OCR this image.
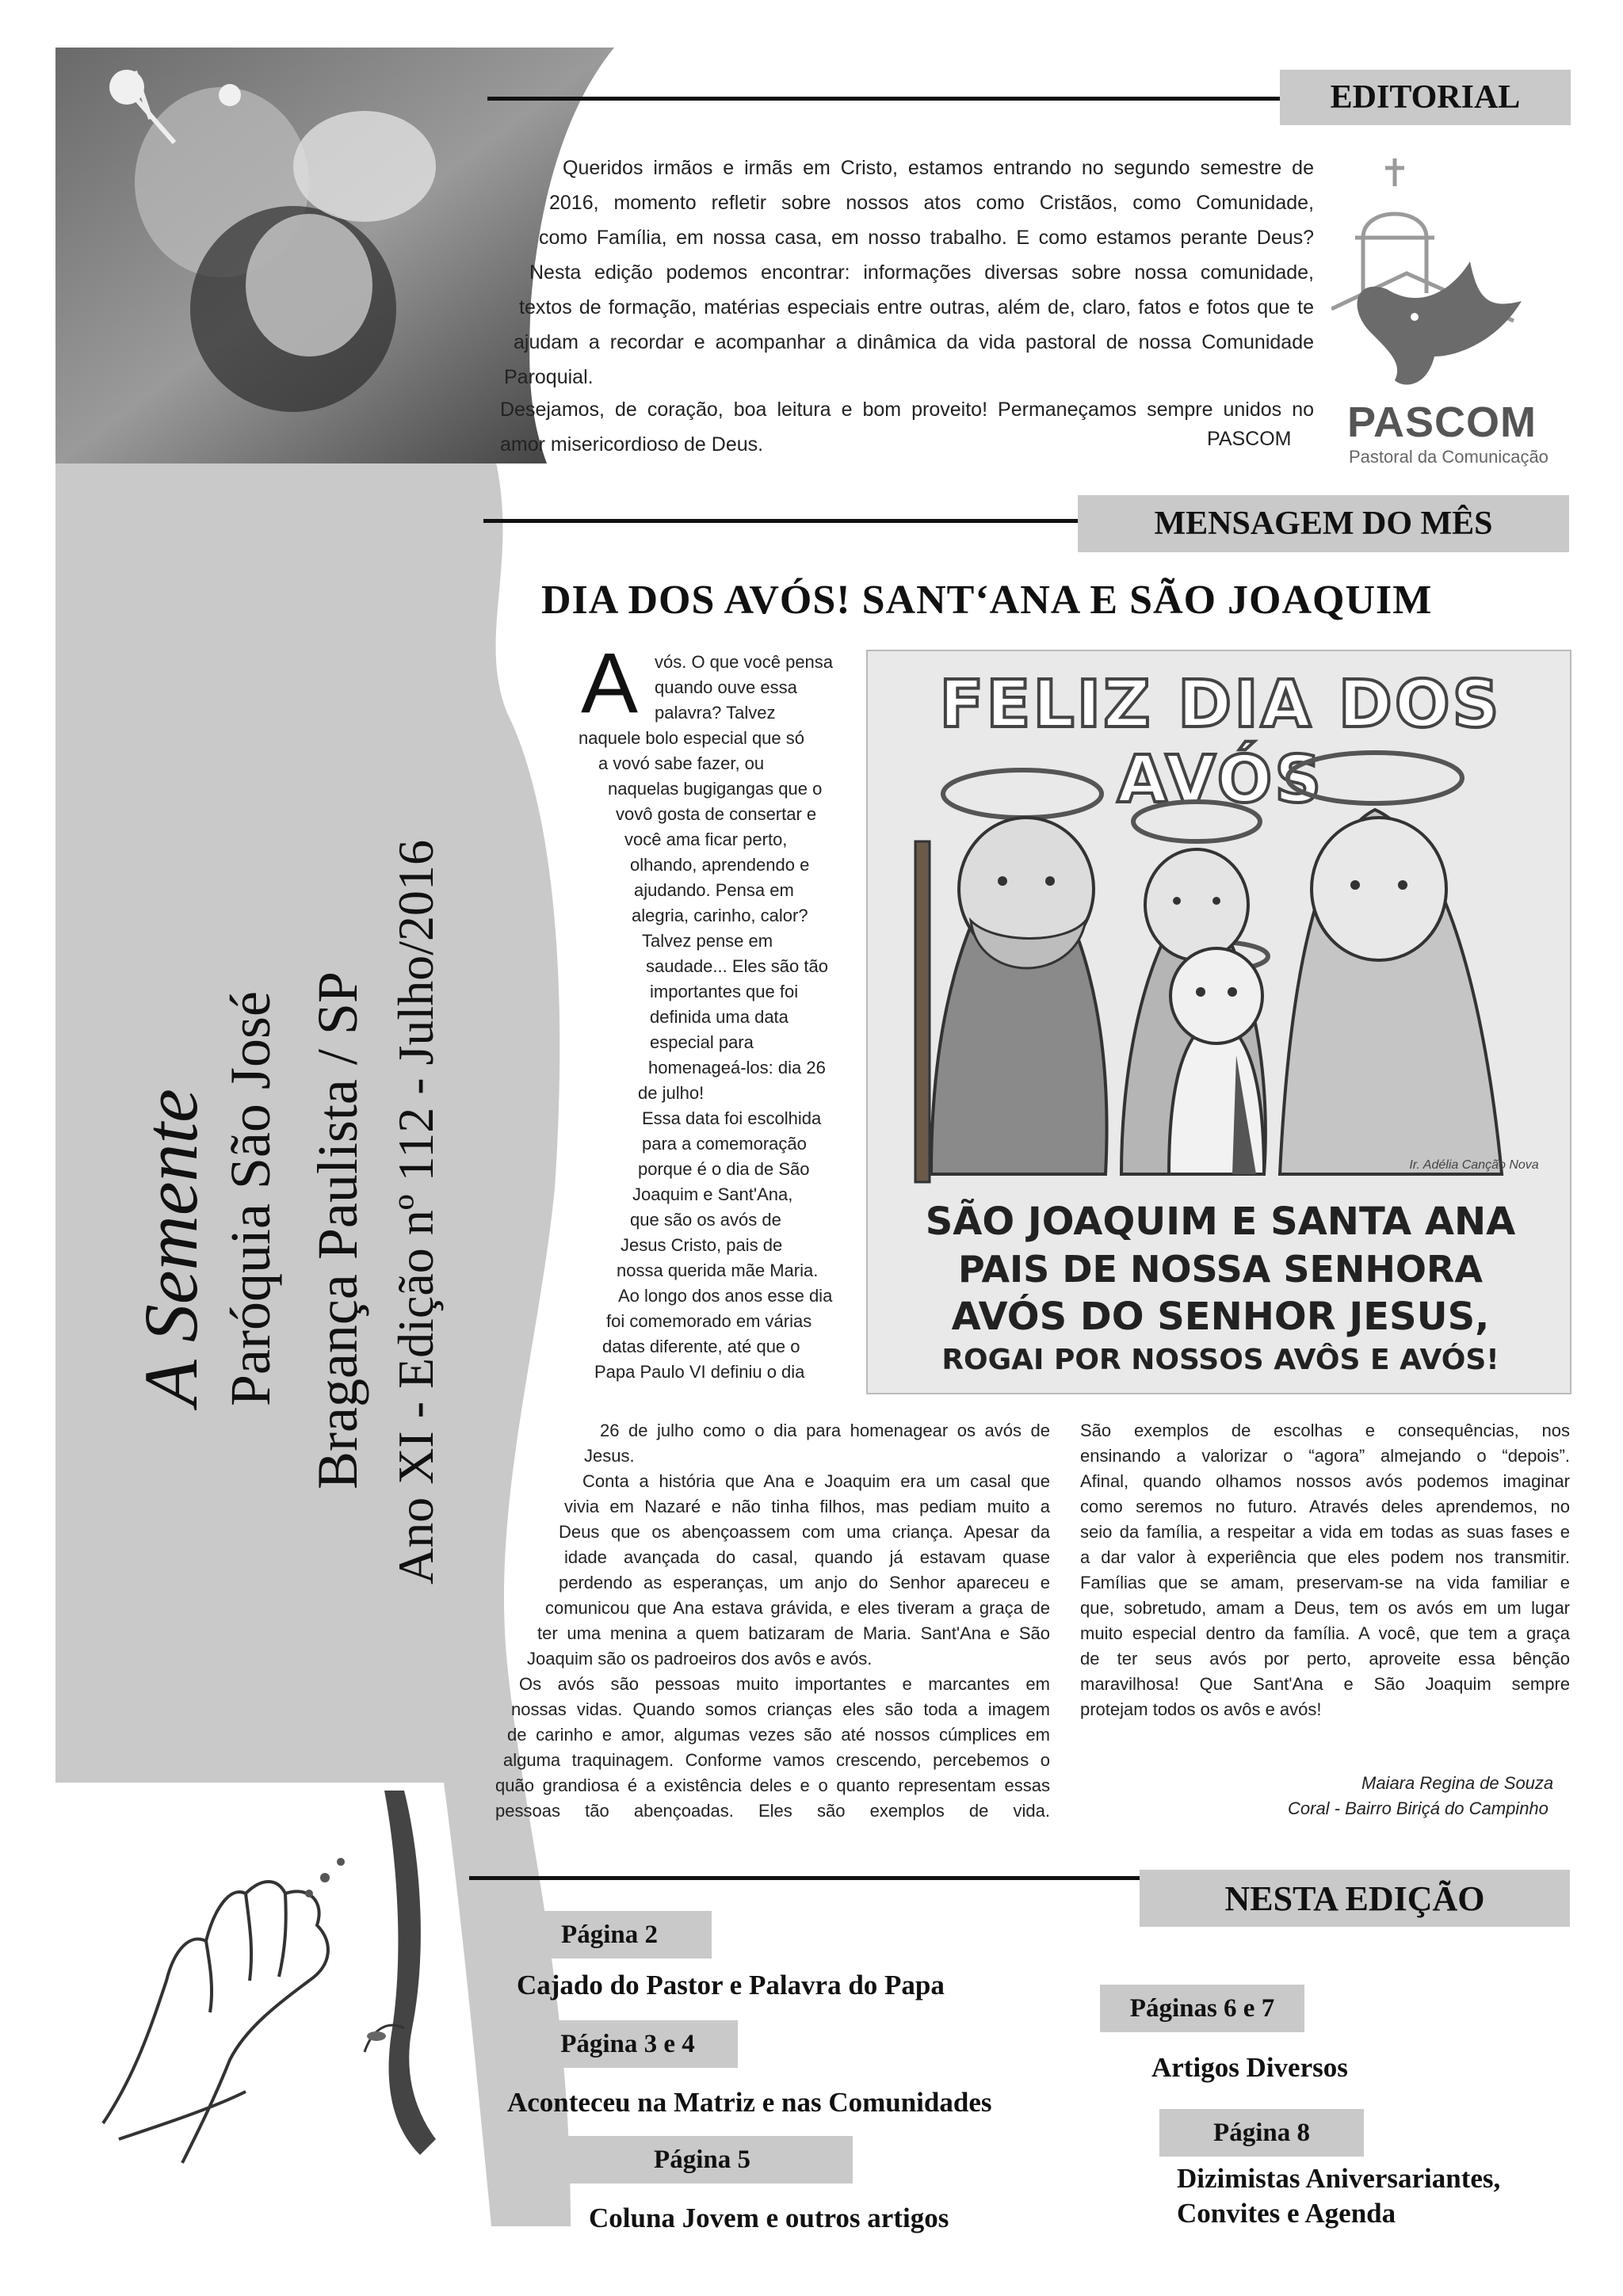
A Semente Paróquia São José Bragança Paulista / SP Ano XI - Edição nº 112 - Julho/2016
EDITORIAL
Queridos irmãos e irmãs em Cristo, estamos entrando no segundo semestre de
2016, momento refletir sobre nossos atos como Cristãos, como Comunidade,
como Família, em nossa casa, em nosso trabalho. E como estamos perante Deus?
Nesta edição podemos encontrar: informações diversas sobre nossa comunidade,
textos de formação, matérias especiais entre outras, além de, claro, fatos e fotos que te
ajudam a recordar e acompanhar a dinâmica da vida pastoral de nossa Comunidade
Paroquial.
Desejamos, de coração, boa leitura e bom proveito! Permaneçamos sempre unidos no
amor misericordioso de Deus.	PASCOM PASCOM
Pastoral da Comunicação
MENSAGEM DO MÊS
DIA DOS AVÓS! SANT‘ANA E SÃO JOAQUIM
A vós. O que você pensa
quando ouve essa
palavra? Talvez
naquele bolo especial que só
a vovó sabe fazer, ou
naquelas bugigangas que o
vovô gosta de consertar e
você ama ficar perto,
olhando, aprendendo e
ajudando. Pensa em
alegria, carinho, calor?
Talvez pense em
saudade... Eles são tão
importantes que foi
definida uma data
especial para
homenageá-los: dia 26
de julho!
Essa data foi escolhida
para a comemoração
porque é o dia de São
Joaquim e Sant'Ana,
que são os avós de
Jesus Cristo, pais de
nossa querida mãe Maria.
Ao longo dos anos esse dia
foi comemorado em várias
datas diferente, até que o
Papa Paulo VI definiu o dia
26 de julho como o dia para homenagear os avós de
Jesus.
Conta a história que Ana e Joaquim era um casal que
vivia em Nazaré e não tinha filhos, mas pediam muito a
Deus que os abençoassem com uma criança. Apesar da
idade avançada do casal, quando já estavam quase
perdendo as esperanças, um anjo do Senhor apareceu e
comunicou que Ana estava grávida, e eles tiveram a graça de
ter uma menina a quem batizaram de Maria. Sant'Ana e São
Joaquim são os padroeiros dos avôs e avós.
Os avós são pessoas muito importantes e marcantes em
nossas vidas. Quando somos crianças eles são toda a imagem
de carinho e amor, algumas vezes são até nossos cúmplices em
alguma traquinagem. Conforme vamos crescendo, percebemos o
quão grandiosa é a existência deles e o quanto representam essas
pessoas tão abençoadas. Eles são exemplos de vida.
São exemplos de escolhas e consequências, nos
ensinando a valorizar o “agora” almejando o “depois”.
Afinal, quando olhamos nossos avós podemos imaginar
como seremos no futuro. Através deles aprendemos, no
seio da família, a respeitar a vida em todas as suas fases e
a dar valor à experiência que eles podem nos transmitir.
Famílias que se amam, preservam-se na vida familiar e
que, sobretudo, amam a Deus, tem os avós em um lugar
muito especial dentro da família. A você, que tem a graça
de ter seus avós por perto, aproveite essa bênção
maravilhosa! Que Sant'Ana e São Joaquim sempre
protejam todos os avôs e avós!
Maiara Regina de Souza
Coral - Bairro Biriçá do Campinho
FELIZ DIA DOS AVÓS
Ir. Adélia Canção Nova
SÃO JOAQUIM E SANTA ANA
PAIS DE NOSSA SENHORA
AVÓS DO SENHOR JESUS,
ROGAI POR NOSSOS AVÔS E AVÓS!
NESTA EDIÇÃO
Página 2
Cajado do Pastor e Palavra do Papa
Página 3 e 4
Aconteceu na Matriz e nas Comunidades
Página 5
Coluna Jovem e outros artigos
Páginas 6 e 7
Artigos Diversos
Página 8
Dizimistas Aniversariantes,
Convites e Agenda
